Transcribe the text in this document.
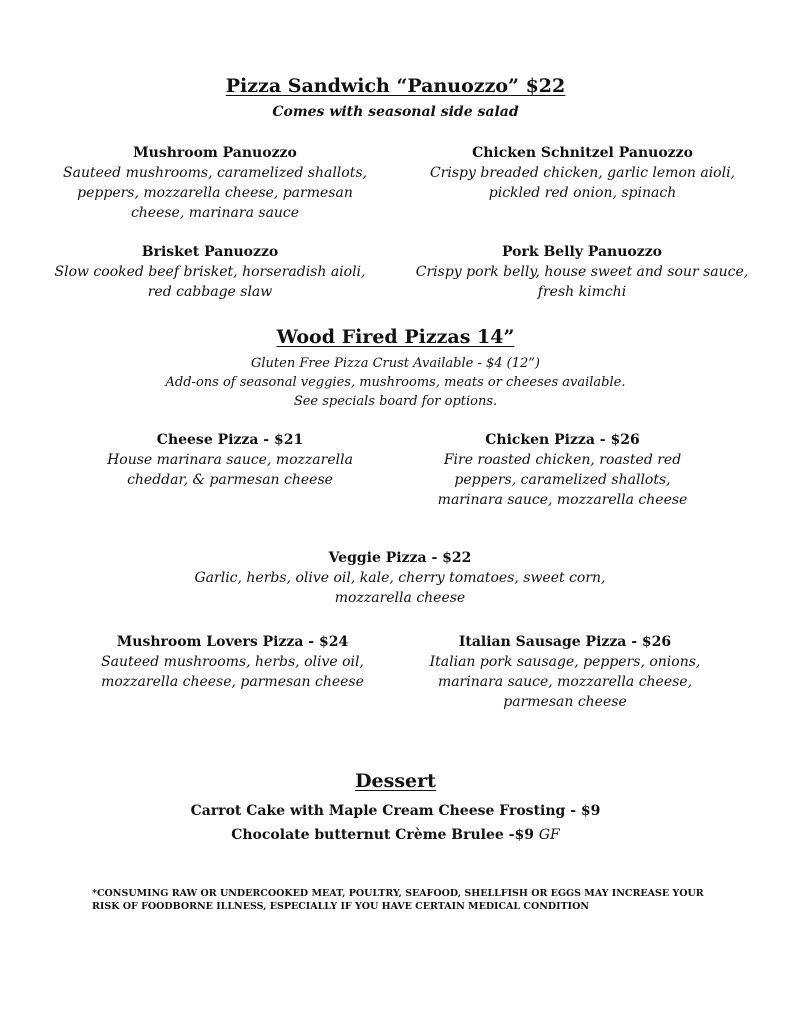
Pizza Sandwich “Panuozzo” $22
Comes with seasonal side salad
Mushroom Panuozzo
Sauteed mushrooms, caramelized shallots, peppers, mozzarella cheese, parmesan cheese, marinara sauce
Chicken Schnitzel Panuozzo
Crispy breaded chicken, garlic lemon aioli, pickled red onion, spinach
Brisket Panuozzo
Slow cooked beef brisket, horseradish aioli, red cabbage slaw
Pork Belly Panuozzo
Crispy pork belly, house sweet and sour sauce, fresh kimchi
Wood Fired Pizzas 14”
Gluten Free Pizza Crust Available - $4 (12”)
Add-ons of seasonal veggies, mushrooms, meats or cheeses available.
See specials board for options.
Cheese Pizza - $21
House marinara sauce, mozzarella cheddar, & parmesan cheese
Chicken Pizza - $26
Fire roasted chicken, roasted red peppers, caramelized shallots, marinara sauce, mozzarella cheese
Veggie Pizza - $22
Garlic, herbs, olive oil, kale, cherry tomatoes, sweet corn, mozzarella cheese
Mushroom Lovers Pizza - $24
Sauteed mushrooms, herbs, olive oil, mozzarella cheese, parmesan cheese
Italian Sausage Pizza - $26
Italian pork sausage, peppers, onions, marinara sauce, mozzarella cheese, parmesan cheese
Dessert
Carrot Cake with Maple Cream Cheese Frosting - $9
Chocolate butternut Crème Brulee -$9 GF
*CONSUMING RAW OR UNDERCOOKED MEAT, POULTRY, SEAFOOD, SHELLFISH OR EGGS MAY INCREASE YOUR RISK OF FOODBORNE ILLNESS, ESPECIALLY IF YOU HAVE CERTAIN MEDICAL CONDITION
